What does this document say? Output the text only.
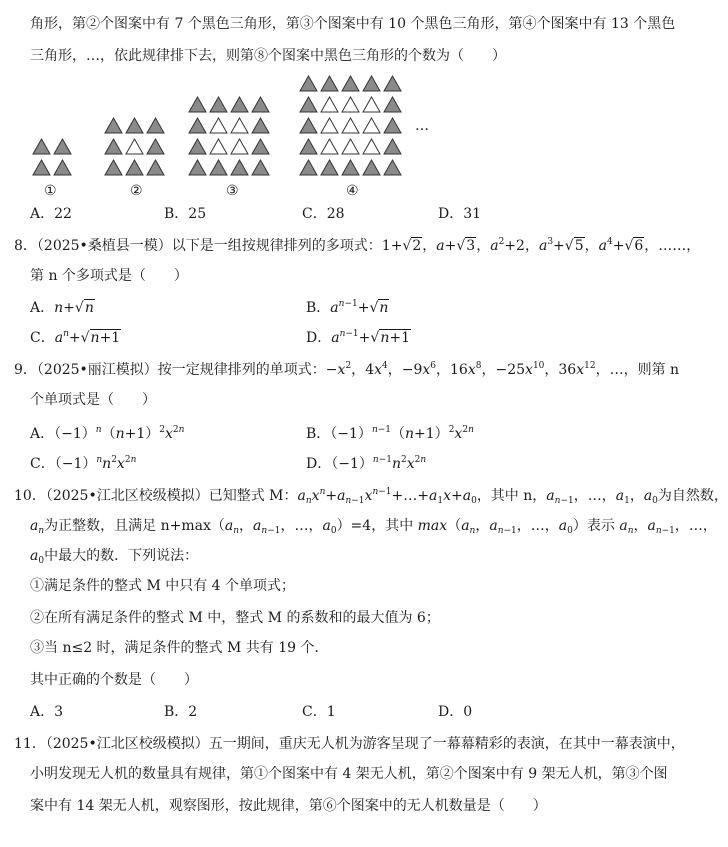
角形，第②个图案中有 7 个黑色三角形，第③个图案中有 10 个黑色三角形，第④个图案中有 13 个黑色
三角形，…，依此规律排下去，则第⑧个图案中黑色三角形的个数为（　　）
①	②	③	④
…
A．22	B．25	C．28	D．31
8．（2025•桑植县一模）以下是一组按规律排列的多项式：1+√2，a+√3，$a^2+2$，$a^3+√5$，$a^4+√6$，……，
第 n 个多项式是（　　）
A．n+√n	B．$a^{n-1}+√n$
C．$a^n+√n+1$	D．$a^{n-1}+√n+1$
9．（2025•丽江模拟）按一定规律排列的单项式：$-x^2$，$4x^4$，$-9x^6$，$16x^8$，$-25x^{10}$，$36x^{12}$，…，则第 n
个单项式是（　　）
A．$(-1)^n(n+1)^2x^{2n}$	B．$(-1)^{n-1}(n+1)^2x^{2n}$
C．$(-1)^nn^2x^{2n}$	D．$(-1)^{n-1}n^2x^{2n}$
10．（2025•江北区校级模拟）已知整式 M：$a_nx^n+a_{n-1}x^{n-1}+\dots+a_1x+a_0$，其中 n，$a_{n-1}$，…，$a_1$，$a_0$为自然数，
$a_n$为正整数，且满足 $n+\max(a_n$，$a_{n-1}$，…，$a_0)=4$，其中 $\max(a_n$，$a_{n-1}$，…，$a_0$）表示 $a_n$，$a_{n-1}$，…，
$a_0$中最大的数．下列说法：
①满足条件的整式 M 中只有 4 个单项式；
②在所有满足条件的整式 M 中，整式 M 的系数和的最大值为 6；
③当 n≤2 时，满足条件的整式 M 共有 19 个．
其中正确的个数是（　　）
A．3	B．2	C．1	D．0
11．（2025•江北区校级模拟）五一期间，重庆无人机为游客呈现了一幕幕精彩的表演，在其中一幕表演中，
小明发现无人机的数量具有规律，第①个图案中有 4 架无人机，第②个图案中有 9 架无人机，第③个图
案中有 14 架无人机，观察图形，按此规律，第⑥个图案中的无人机数量是（　　）
